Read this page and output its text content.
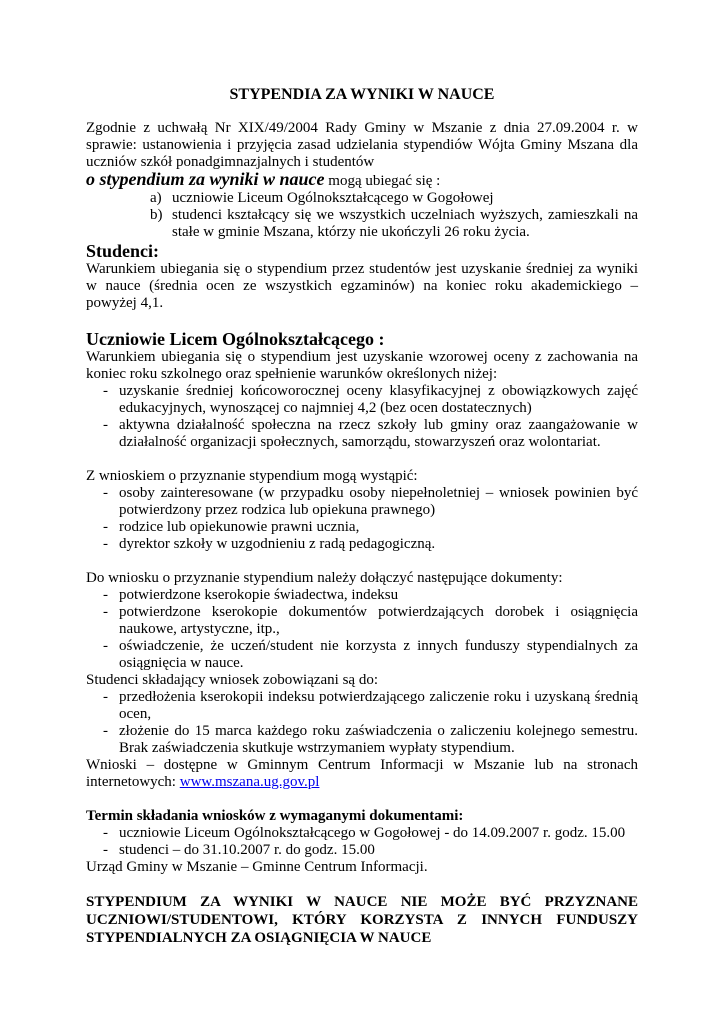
STYPENDIA ZA WYNIKI W NAUCE

Zgodnie z uchwałą Nr XIX/49/2004 Rady Gminy w Mszanie z dnia 27.09.2004 r. w sprawie: ustanowienia i przyjęcia zasad udzielania stypendiów Wójta Gminy Mszana dla uczniów szkół ponadgimnazjalnych i studentów

o stypendium za wyniki w nauce mogą ubiegać się :

a) uczniowie Liceum Ogólnokształcącego w Gogołowej
b) studenci kształcący się we wszystkich uczelniach wyższych, zamieszkali na stałe w gminie Mszana, którzy nie ukończyli 26 roku życia.
Studenci:

Warunkiem ubiegania się o stypendium przez studentów jest uzyskanie średniej za wyniki w nauce (średnia ocen ze wszystkich egzaminów) na koniec roku akademickiego – powyżej 4,1.

Uczniowie Licem Ogólnokształcącego :

Warunkiem ubiegania się o stypendium jest uzyskanie wzorowej oceny z zachowania na koniec roku szkolnego oraz spełnienie warunków określonych niżej:

- uzyskanie średniej końcoworocznej oceny klasyfikacyjnej z obowiązkowych zajęć edukacyjnych, wynoszącej co najmniej 4,2 (bez ocen dostatecznych)
- aktywna działalność społeczna na rzecz szkoły lub gminy oraz zaangażowanie w działalność organizacji społecznych, samorządu, stowarzyszeń oraz wolontariat.

Z wnioskiem o przyznanie stypendium mogą wystąpić:

- osoby zainteresowane (w przypadku osoby niepełnoletniej – wniosek powinien być potwierdzony przez rodzica lub opiekuna prawnego)
- rodzice lub opiekunowie prawni ucznia,
- dyrektor szkoły w uzgodnieniu z radą pedagogiczną.

Do wniosku o przyznanie stypendium należy dołączyć następujące dokumenty:

- potwierdzone kserokopie świadectwa, indeksu
- potwierdzone kserokopie dokumentów potwierdzających dorobek i osiągnięcia naukowe, artystyczne, itp.,
- oświadczenie, że uczeń/student nie korzysta z innych funduszy stypendialnych za osiągnięcia w nauce.

Studenci składający wniosek zobowiązani są do:

- przedłożenia kserokopii indeksu potwierdzającego zaliczenie roku i uzyskaną średnią ocen,
- złożenie do 15 marca każdego roku zaświadczenia o zaliczeniu kolejnego semestru. Brak zaświadczenia skutkuje wstrzymaniem wypłaty stypendium.

Wnioski – dostępne w Gminnym Centrum Informacji w Mszanie lub na stronach internetowych: www.mszana.ug.gov.pl

Termin składania wniosków z wymaganymi dokumentami:

- uczniowie Liceum Ogólnokształcącego w Gogołowej - do 14.09.2007 r. godz. 15.00
- studenci – do 31.10.2007 r. do godz. 15.00

Urząd Gminy w Mszanie – Gminne Centrum Informacji.

STYPENDIUM ZA WYNIKI W NAUCE NIE MOŻE BYĆ PRZYZNANE UCZNIOWI/STUDENTOWI, KTÓRY KORZYSTA Z INNYCH FUNDUSZY STYPENDIALNYCH ZA OSIĄGNIĘCIA W NAUCE
